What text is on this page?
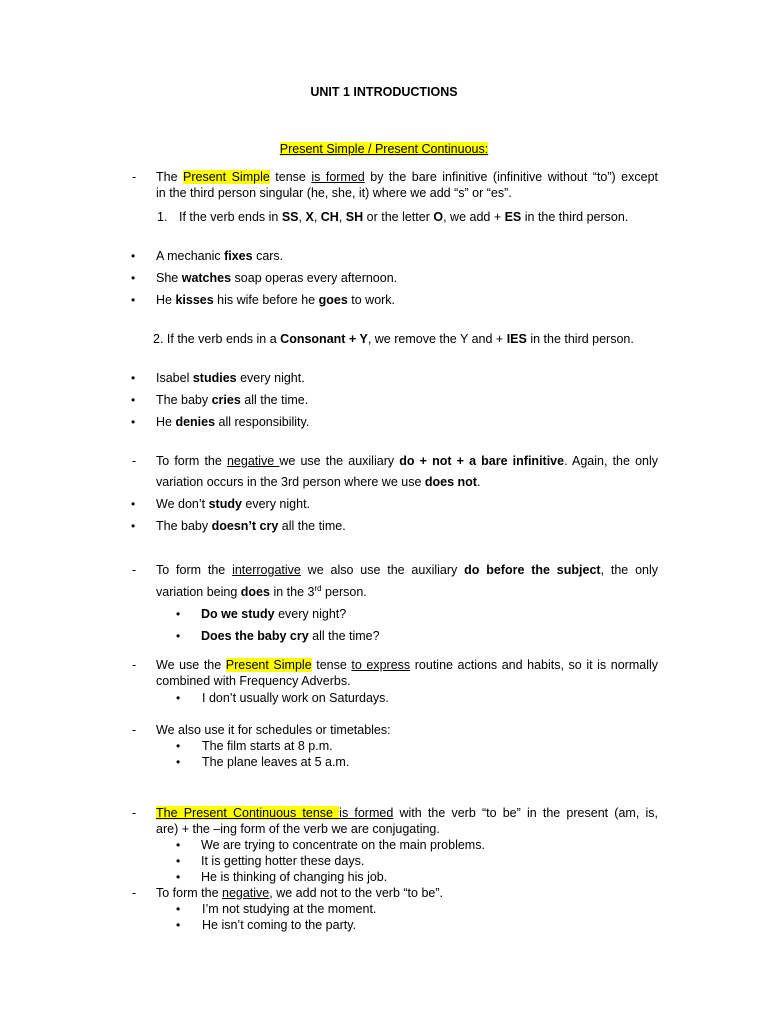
UNIT 1 INTRODUCTIONS
Present Simple / Present Continuous:
- The Present Simple tense is formed by the bare infinitive (infinitive without “to”) except
in the third person singular (he, she, it) where we add “s” or “es”.
1. If the verb ends in SS, X, CH, SH or the letter O, we add + ES in the third person.
• A mechanic fixes cars.
• She watches soap operas every afternoon.
• He kisses his wife before he goes to work.
2. If the verb ends in a Consonant + Y, we remove the Y and + IES in the third person.
• Isabel studies every night.
• The baby cries all the time.
• He denies all responsibility.
- To form the negative we use the auxiliary do + not + a bare infinitive. Again, the only
variation occurs in the 3rd person where we use does not.
• We don’t study every night.
• The baby doesn’t cry all the time.
- To form the interrogative we also use the auxiliary do before the subject, the only
variation being does in the 3rd person.
• Do we study every night?
• Does the baby cry all the time?
- We use the Present Simple tense to express routine actions and habits, so it is normally
combined with Frequency Adverbs.
• I don’t usually work on Saturdays.
- We also use it for schedules or timetables:
• The film starts at 8 p.m.
• The plane leaves at 5 a.m.
- The Present Continuous tense is formed with the verb “to be” in the present (am, is,
are) + the –ing form of the verb we are conjugating.
• We are trying to concentrate on the main problems.
• It is getting hotter these days.
• He is thinking of changing his job.
- To form the negative, we add not to the verb “to be”.
• I’m not studying at the moment.
• He isn’t coming to the party.
